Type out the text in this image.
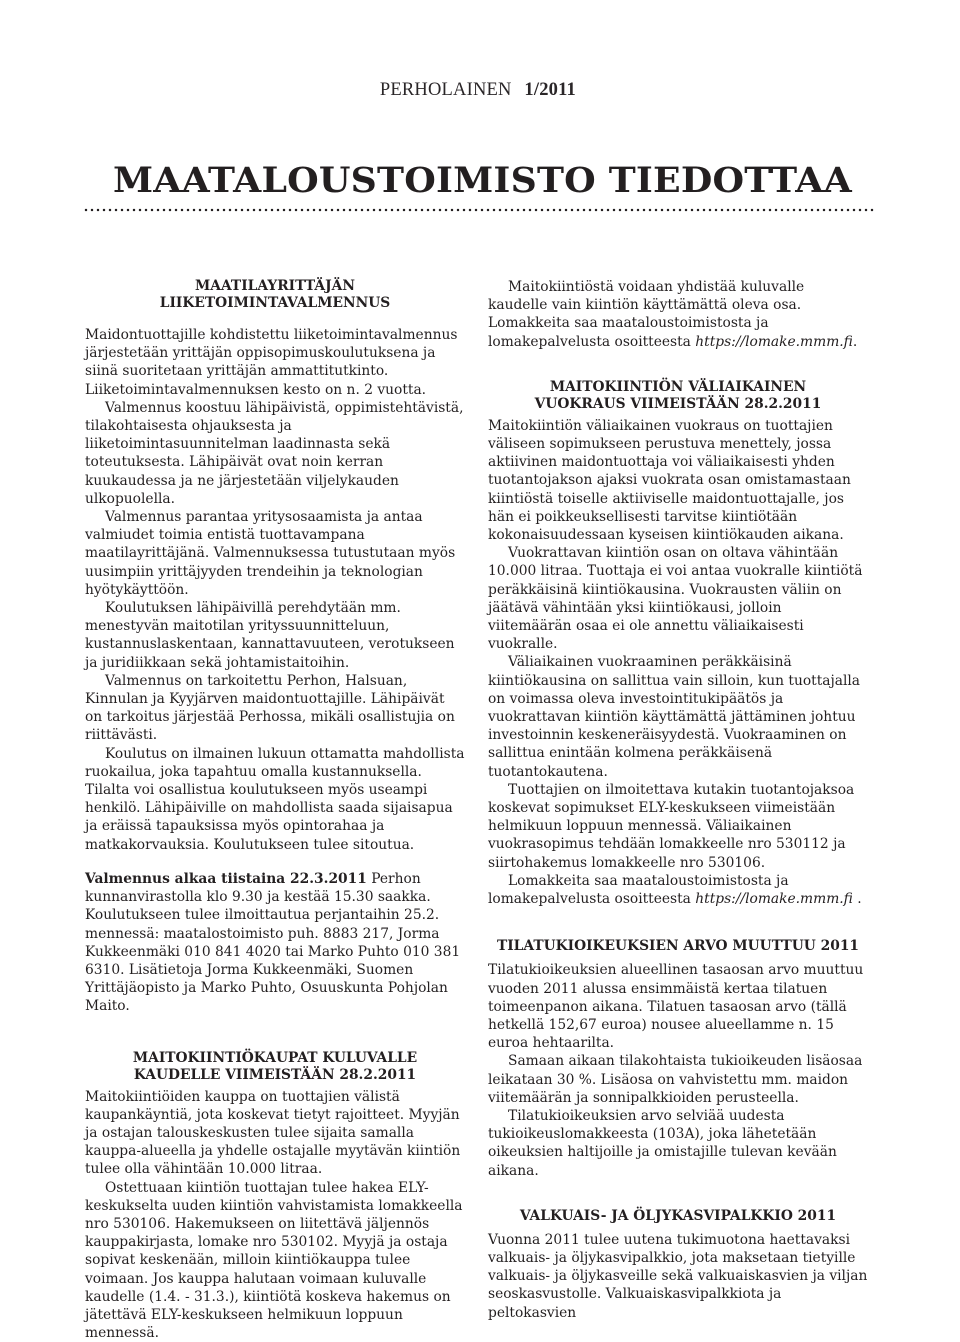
PERHOLAINEN 1/2011
MAATALOUSTOIMISTO TIEDOTTAA

MAATILAYRITTÄJÄN

LIIKETOIMINTAVALMENNUS

Maidontuottajille kohdistettu liiketoimintavalmennus järjestetään yrittäjän oppisopimuskoulutuksena ja siinä suoritetaan yrittäjän ammattitutkinto. Liiketoimintavalmennuksen kesto on n. 2 vuotta.

Valmennus koostuu lähipäivistä, oppimistehtävistä, tilakohtaisesta ohjauksesta ja liiketoimintasuunnitelman laadinnasta sekä toteutuksesta. Lähipäivät ovat noin kerran kuukaudessa ja ne järjestetään viljelykauden ulkopuolella.

Valmennus parantaa yritysosaamista ja antaa valmiudet toimia entistä tuottavampana maatilayrittäjänä. Valmennuksessa tutustutaan myös uusimpiin yrittäjyyden trendeihin ja teknologian hyötykäyttöön.

Koulutuksen lähipäivillä perehdytään mm. menestyvän maitotilan yrityssuunnitteluun, kustannuslaskentaan, kannattavuuteen, verotukseen ja juridiikkaan sekä johtamistaitoihin.

Valmennus on tarkoitettu Perhon, Halsuan, Kinnulan ja Kyyjärven maidontuottajille. Lähipäivät on tarkoitus järjestää Perhossa, mikäli osallistujia on riittävästi.

Koulutus on ilmainen lukuun ottamatta mahdollista ruokailua, joka tapahtuu omalla kustannuksella. Tilalta voi osallistua koulutukseen myös useampi henkilö. Lähipäiville on mahdollista saada sijaisapua ja eräissä tapauksissa myös opintorahaa ja matkakorvauksia. Koulutukseen tulee sitoutua.

Valmennus alkaa tiistaina 22.3.2011 Perhon kunnanvirastolla klo 9.30 ja kestää 15.30 saakka. Koulutukseen tulee ilmoittautua perjantaihin 25.2. mennessä: maatalostoimisto puh. 8883 217, Jorma Kukkeenmäki 010 841 4020 tai Marko Puhto 010 381 6310. Lisätietoja Jorma Kukkeenmäki, Suomen Yrittäjäopisto ja Marko Puhto, Osuuskunta Pohjolan Maito.

MAITOKIINTIÖKAUPAT KULUVALLE

KAUDELLE VIIMEISTÄÄN 28.2.2011

Maitokiintiöiden kauppa on tuottajien välistä kaupankäyntiä, jota koskevat tietyt rajoitteet. Myyjän ja ostajan talouskeskusten tulee sijaita samalla kauppa-alueella ja yhdelle ostajalle myytävän kiintiön tulee olla vähintään 10.000 litraa.

Ostettuaan kiintiön tuottajan tulee hakea ELY-keskukselta uuden kiintiön vahvistamista lomakkeella nro 530106. Hakemukseen on liitettävä jäljennös kauppakirjasta, lomake nro 530102. Myyjä ja ostaja sopivat keskenään, milloin kiintiökauppa tulee voimaan. Jos kauppa halutaan voimaan kuluvalle kaudelle (1.4. - 31.3.), kiintiötä koskeva hakemus on jätettävä ELY-keskukseen helmikuun loppuun mennessä.

Maitokiintiöstä voidaan yhdistää kuluvalle kaudelle vain kiintiön käyttämättä oleva osa. Lomakkeita saa maataloustoimistosta ja lomakepalvelusta osoitteesta https://lomake.mmm.fi.

MAITOKIINTIÖN VÄLIAIKAINEN

VUOKRAUS VIIMEISTÄÄN 28.2.2011

Maitokiintiön väliaikainen vuokraus on tuottajien väliseen sopimukseen perustuva menettely, jossa aktiivinen maidontuottaja voi väliaikaisesti yhden tuotantojakson ajaksi vuokrata osan omistamastaan kiintiöstä toiselle aktiiviselle maidontuottajalle, jos hän ei poikkeuksellisesti tarvitse kiintiötään kokonaisuudessaan kyseisen kiintiökauden aikana.

Vuokrattavan kiintiön osan on oltava vähintään 10.000 litraa. Tuottaja ei voi antaa vuokralle kiintiötä peräkkäisinä kiintiökausina. Vuokrausten väliin on jäätävä vähintään yksi kiintiökausi, jolloin viitemäärän osaa ei ole annettu väliaikaisesti vuokralle.

Väliaikainen vuokraaminen peräkkäisinä kiintiökausina on sallittua vain silloin, kun tuottajalla on voimassa oleva investointitukipäätös ja vuokrattavan kiintiön käyttämättä jättäminen johtuu investoinnin keskeneräisyydestä. Vuokraaminen on sallittua enintään kolmena peräkkäisenä tuotantokautena.

Tuottajien on ilmoitettava kutakin tuotantojaksoa koskevat sopimukset ELY-keskukseen viimeistään helmikuun loppuun mennessä. Väliaikainen vuokrasopimus tehdään lomakkeelle nro 530112 ja siirtohakemus lomakkeelle nro 530106.

Lomakkeita saa maataloustoimistosta ja lomakepalvelusta osoitteesta https://lomake.mmm.fi .

TILATUKIOIKEUKSIEN ARVO MUUTTUU 2011

Tilatukioikeuksien alueellinen tasaosan arvo muuttuu vuoden 2011 alussa ensimmäistä kertaa tilatuen toimeenpanon aikana. Tilatuen tasaosan arvo (tällä hetkellä 152,67 euroa) nousee alueellamme n. 15 euroa hehtaarilta.

Samaan aikaan tilakohtaista tukioikeuden lisäosaa leikataan 30 %. Lisäosa on vahvistettu mm. maidon viitemäärän ja sonnipalkkioiden perusteella.

Tilatukioikeuksien arvo selviää uudesta tukioikeuslomakkeesta (103A), joka lähetetään oikeuksien haltijoille ja omistajille tulevan kevään aikana.

VALKUAIS- JA ÖLJYKASVIPALKKIO 2011

Vuonna 2011 tulee uutena tukimuotona haettavaksi valkuais- ja öljykasvipalkkio, jota maksetaan tietyille valkuais- ja öljykasveille sekä valkuaiskasvien ja viljan seoskasvustolle. Valkuaiskasvipalkkiota ja peltokasvien
